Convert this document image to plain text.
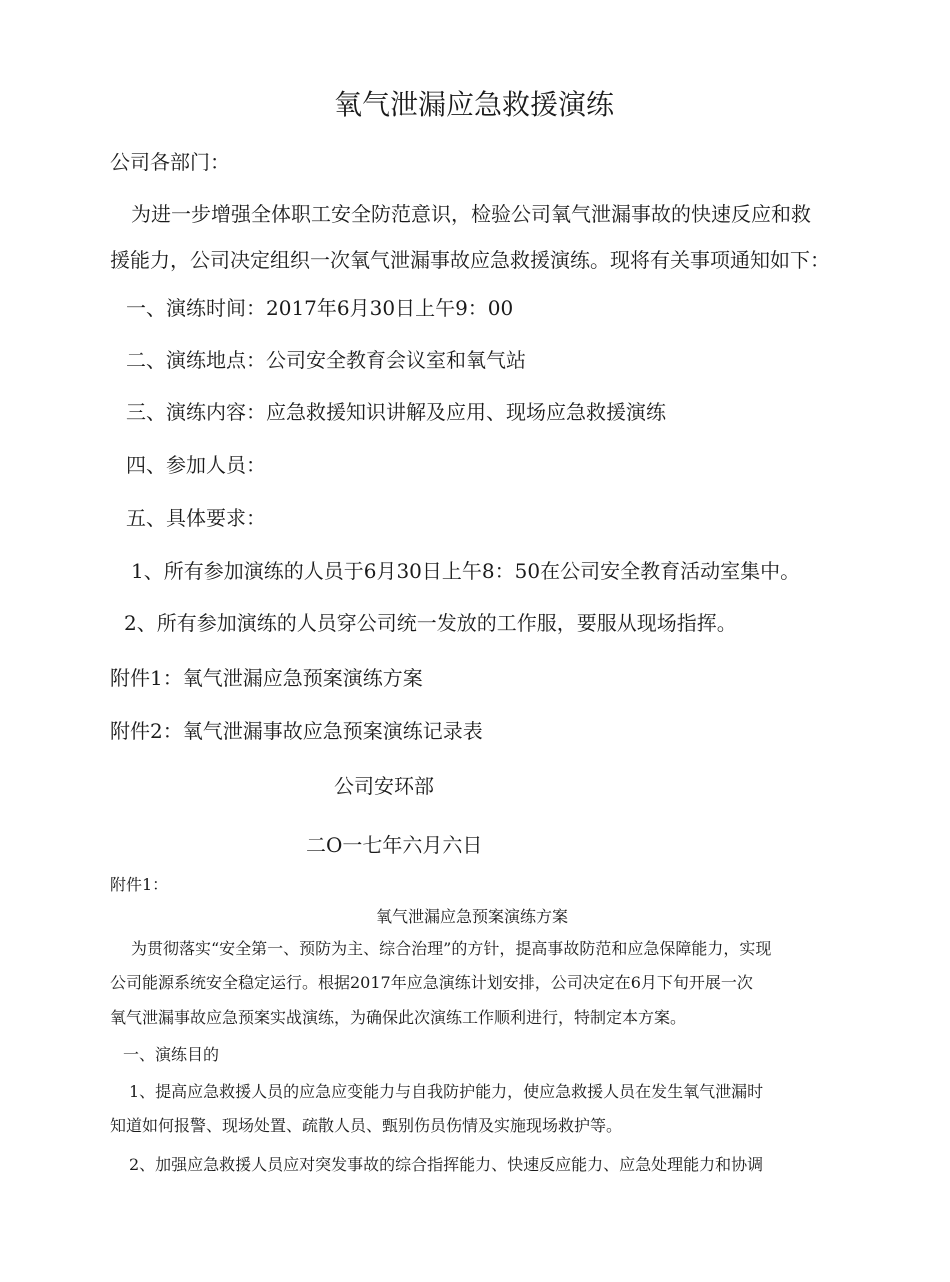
氧气泄漏应急救援演练

公司各部门：

为进一步增强全体职工安全防范意识，检验公司氧气泄漏事故的快速反应和救

援能力，公司决定组织一次氧气泄漏事故应急救援演练。现将有关事项通知如下：

一、演练时间：2017年6月30日上午9：00

二、演练地点：公司安全教育会议室和氧气站

三、演练内容：应急救援知识讲解及应用、现场应急救援演练

四、参加人员：

五、具体要求：

1、所有参加演练的人员于6月30日上午8：50在公司安全教育活动室集中。

2、所有参加演练的人员穿公司统一发放的工作服，要服从现场指挥。

附件1：氧气泄漏应急预案演练方案

附件2：氧气泄漏事故应急预案演练记录表

公司安环部

二O一七年六月六日

附件1：

氧气泄漏应急预案演练方案

为贯彻落实“安全第一、预防为主、综合治理”的方针，提高事故防范和应急保障能力，实现

公司能源系统安全稳定运行。根据2017年应急演练计划安排，公司决定在6月下旬开展一次

氧气泄漏事故应急预案实战演练，为确保此次演练工作顺利进行，特制定本方案。

一、演练目的

1、提高应急救援人员的应急应变能力与自我防护能力，使应急救援人员在发生氧气泄漏时

知道如何报警、现场处置、疏散人员、甄别伤员伤情及实施现场救护等。

2、加强应急救援人员应对突发事故的综合指挥能力、快速反应能力、应急处理能力和协调
